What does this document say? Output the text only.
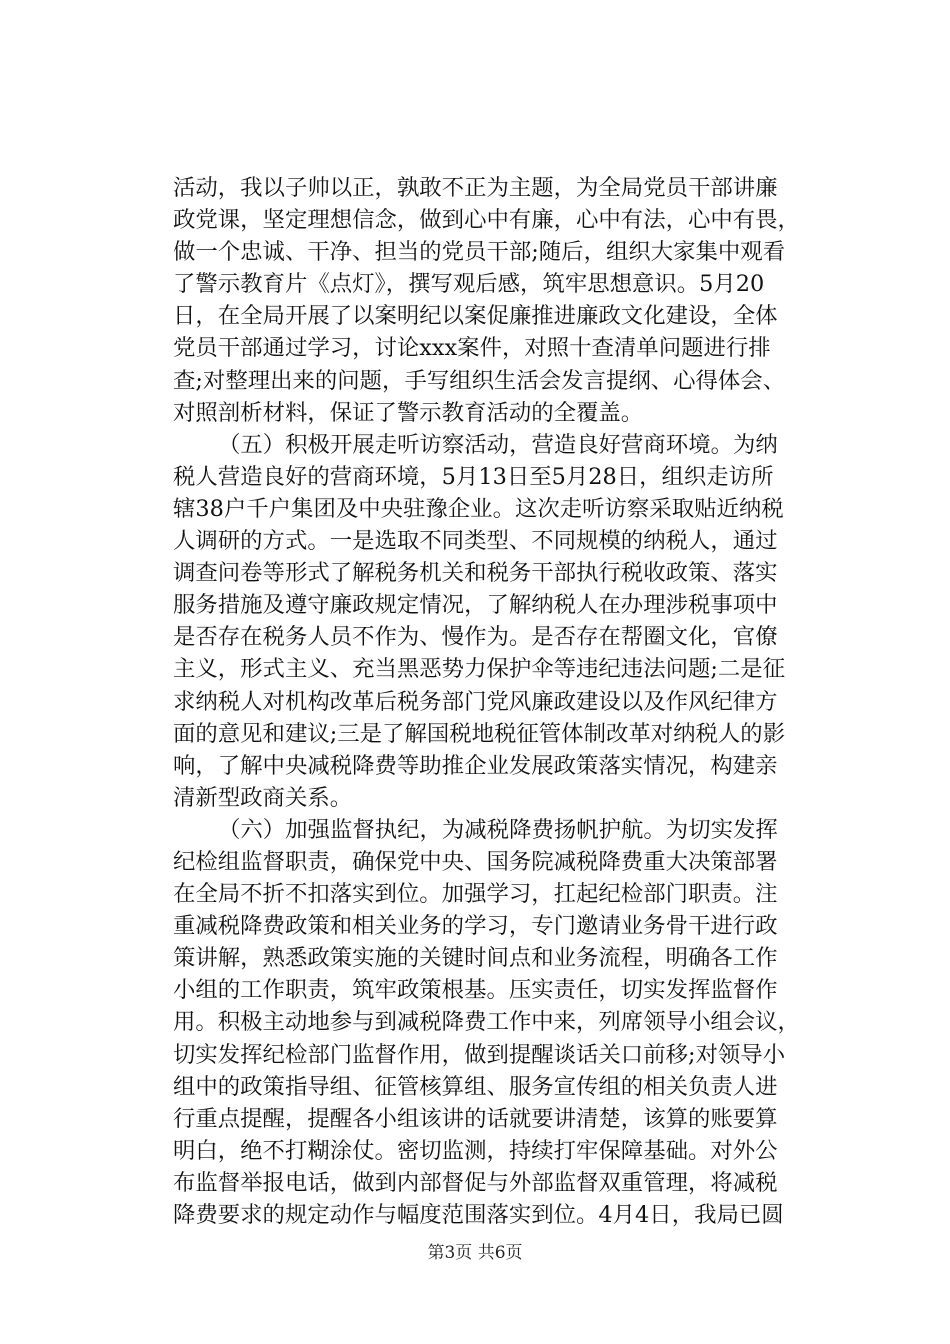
活动，我以子帅以正，孰敢不正为主题，为全局党员干部讲廉
政党课，坚定理想信念，做到心中有廉，心中有法，心中有畏，
做一个忠诚、干净、担当的党员干部;随后，组织大家集中观看
了警示教育片《点灯》，撰写观后感，筑牢思想意识。5月20
日，在全局开展了以案明纪以案促廉推进廉政文化建设，全体
党员干部通过学习，讨论xxx案件，对照十查清单问题进行排
查;对整理出来的问题，手写组织生活会发言提纲、心得体会、
对照剖析材料，保证了警示教育活动的全覆盖。
（五）积极开展走听访察活动，营造良好营商环境。为纳
税人营造良好的营商环境，5月13日至5月28日，组织走访所
辖38户千户集团及中央驻豫企业。这次走听访察采取贴近纳税
人调研的方式。一是选取不同类型、不同规模的纳税人，通过
调查问卷等形式了解税务机关和税务干部执行税收政策、落实
服务措施及遵守廉政规定情况，了解纳税人在办理涉税事项中
是否存在税务人员不作为、慢作为。是否存在帮圈文化，官僚
主义，形式主义、充当黑恶势力保护伞等违纪违法问题;二是征
求纳税人对机构改革后税务部门党风廉政建设以及作风纪律方
面的意见和建议;三是了解国税地税征管体制改革对纳税人的影
响，了解中央减税降费等助推企业发展政策落实情况，构建亲
清新型政商关系。
（六）加强监督执纪，为减税降费扬帆护航。为切实发挥
纪检组监督职责，确保党中央、国务院减税降费重大决策部署
在全局不折不扣落实到位。加强学习，扛起纪检部门职责。注
重减税降费政策和相关业务的学习，专门邀请业务骨干进行政
策讲解，熟悉政策实施的关键时间点和业务流程，明确各工作
小组的工作职责，筑牢政策根基。压实责任，切实发挥监督作
用。积极主动地参与到减税降费工作中来，列席领导小组会议，
切实发挥纪检部门监督作用，做到提醒谈话关口前移;对领导小
组中的政策指导组、征管核算组、服务宣传组的相关负责人进
行重点提醒，提醒各小组该讲的话就要讲清楚，该算的账要算
明白，绝不打糊涂仗。密切监测，持续打牢保障基础。对外公
布监督举报电话，做到内部督促与外部监督双重管理，将减税
降费要求的规定动作与幅度范围落实到位。4月4日，我局已圆
第3页 共6页
